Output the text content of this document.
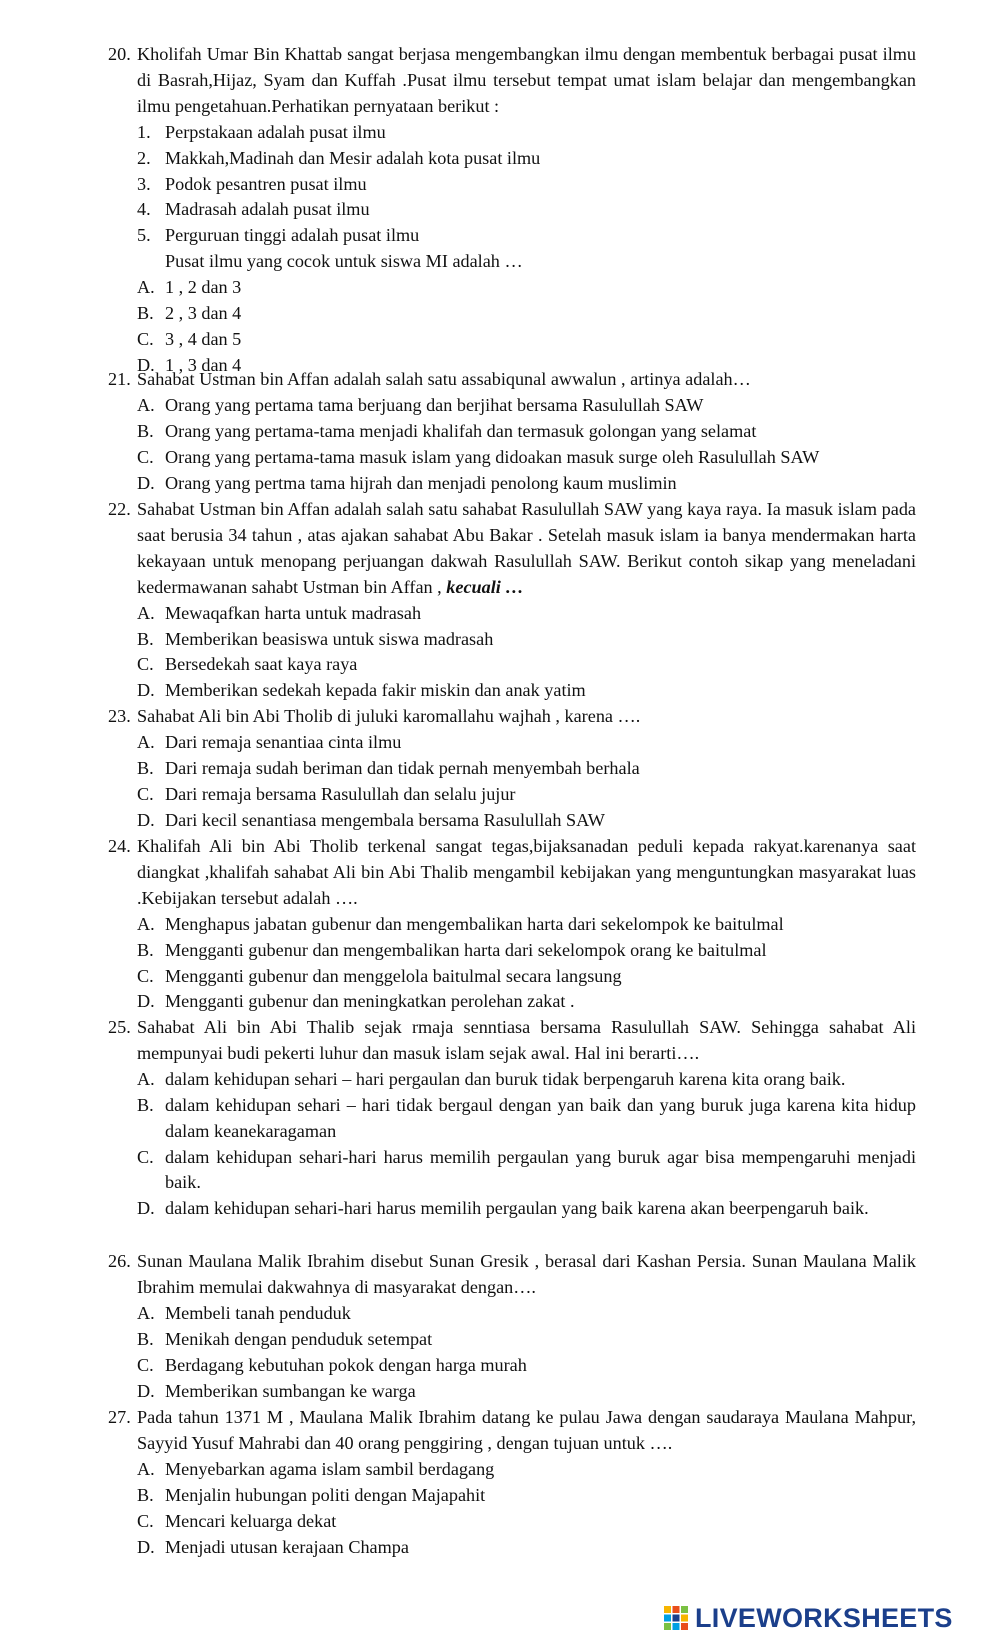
20. Kholifah Umar Bin Khattab sangat berjasa mengembangkan ilmu dengan membentuk berbagai pusat ilmu di Basrah,Hijaz, Syam dan Kuffah .Pusat ilmu tersebut tempat umat islam belajar dan mengembangkan ilmu pengetahuan.Perhatikan pernyataan berikut :
1. Perpstakaan adalah pusat ilmu
2. Makkah,Madinah dan Mesir adalah kota pusat ilmu
3. Podok pesantren pusat ilmu
4. Madrasah adalah pusat ilmu
5. Perguruan tinggi adalah pusat ilmu
Pusat ilmu yang cocok untuk siswa MI adalah …
A. 1 , 2 dan 3
B. 2 , 3 dan 4
C. 3 , 4 dan 5
D. 1 , 3 dan 4
21. Sahabat Ustman bin Affan adalah salah satu assabiqunal awwalun , artinya adalah…
A. Orang yang pertama tama berjuang dan berjihat bersama Rasulullah SAW
B. Orang yang pertama-tama menjadi khalifah dan termasuk golongan yang selamat
C. Orang yang pertama-tama masuk islam yang didoakan masuk surge oleh Rasulullah SAW
D. Orang yang pertma tama hijrah dan menjadi penolong kaum muslimin
22. Sahabat Ustman bin Affan adalah salah satu sahabat Rasulullah SAW yang kaya raya. Ia masuk islam pada saat berusia 34 tahun , atas ajakan sahabat Abu Bakar . Setelah masuk islam ia banya mendermakan harta kekayaan untuk menopang perjuangan dakwah Rasulullah SAW. Berikut contoh sikap yang meneladani kedermawanan sahabt Ustman bin Affan , kecuali …
A. Mewaqafkan harta untuk madrasah
B. Memberikan beasiswa untuk siswa madrasah
C. Bersedekah saat kaya raya
D. Memberikan sedekah kepada fakir miskin dan anak yatim
23. Sahabat Ali bin Abi Tholib di juluki karomallahu wajhah , karena ….
A. Dari remaja senantiaa cinta ilmu
B. Dari remaja sudah beriman dan tidak pernah menyembah berhala
C. Dari remaja bersama Rasulullah dan selalu jujur
D. Dari kecil senantiasa mengembala bersama Rasulullah SAW
24. Khalifah Ali bin Abi Tholib terkenal sangat tegas,bijaksanadan peduli kepada rakyat.karenanya saat diangkat ,khalifah sahabat Ali bin Abi Thalib mengambil kebijakan yang menguntungkan masyarakat luas .Kebijakan tersebut adalah ….
A. Menghapus jabatan gubenur dan mengembalikan harta dari sekelompok ke baitulmal
B. Mengganti gubenur dan mengembalikan harta dari sekelompok orang ke baitulmal
C. Mengganti gubenur dan menggelola baitulmal secara langsung
D. Mengganti gubenur dan meningkatkan perolehan zakat .
25. Sahabat Ali bin Abi Thalib sejak rmaja senntiasa bersama Rasulullah SAW. Sehingga sahabat Ali mempunyai budi pekerti luhur dan masuk islam sejak awal. Hal ini berarti….
A. dalam kehidupan sehari – hari pergaulan dan buruk tidak berpengaruh karena kita orang baik.
B. dalam kehidupan sehari – hari tidak bergaul dengan yan baik dan yang buruk juga karena kita hidup dalam keanekaragaman
C. dalam kehidupan sehari-hari harus memilih pergaulan yang buruk agar bisa mempengaruhi menjadi baik.
D. dalam kehidupan sehari-hari harus memilih pergaulan yang baik karena akan beerpengaruh baik.
26. Sunan Maulana Malik Ibrahim disebut Sunan Gresik , berasal dari Kashan Persia. Sunan Maulana Malik Ibrahim memulai dakwahnya di masyarakat dengan….
A. Membeli tanah penduduk
B. Menikah dengan penduduk setempat
C. Berdagang kebutuhan pokok dengan harga murah
D. Memberikan sumbangan ke warga
27. Pada tahun 1371 M , Maulana Malik Ibrahim datang ke pulau Jawa dengan saudaraya Maulana Mahpur, Sayyid Yusuf Mahrabi dan 40 orang penggiring , dengan tujuan untuk ….
A. Menyebarkan agama islam sambil berdagang
B. Menjalin hubungan politi dengan Majapahit
C. Mencari keluarga dekat
D. Menjadi utusan kerajaan Champa
LIVEWORKSHEETS
